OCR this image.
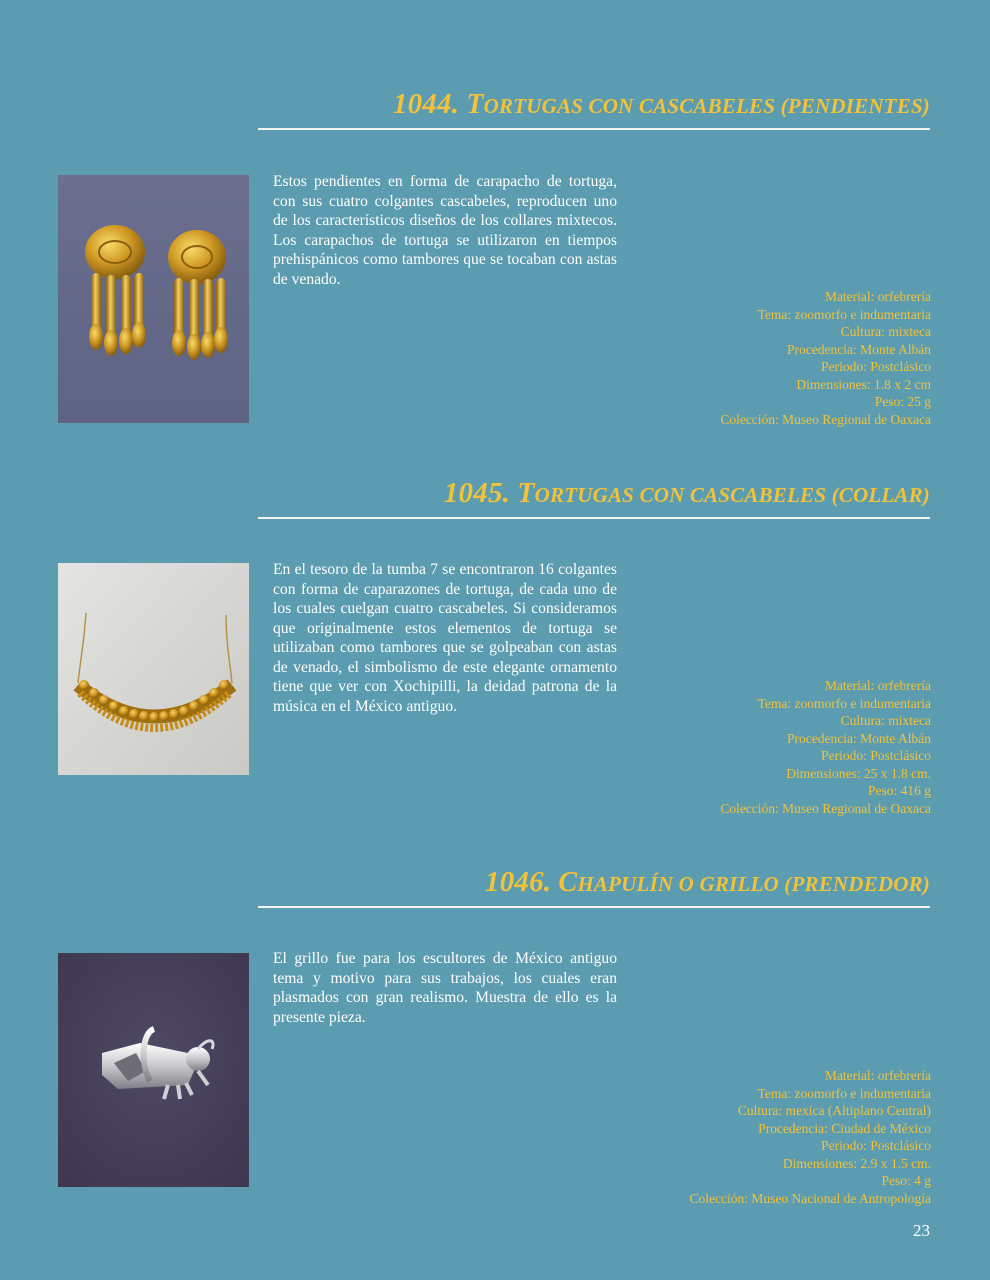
1044. TORTUGAS CON CASCABELES (PENDIENTES)

Estos pendientes en forma de carapacho de tortuga, con sus cuatro colgantes cascabeles, reproducen uno de los característicos diseños de los collares mixtecos. Los carapachos de tortuga se utilizaron en tiempos prehispánicos como tambores que se tocaban con astas de venado.

Material: orfebrería
Tema: zoomorfo e indumentaria
Cultura: mixteca
Procedencia: Monte Albán
Periodo: Postclásico
Dimensiones: 1.8 x 2 cm
Peso: 25 g
Colección: Museo Regional de Oaxaca
1045. TORTUGAS CON CASCABELES (COLLAR)

En el tesoro de la tumba 7 se encontraron 16 colgantes con forma de caparazones de tortuga, de cada uno de los cuales cuelgan cuatro cascabeles. Si consideramos que originalmente estos elementos de tortuga se utilizaban como tambores que se golpeaban con astas de venado, el simbolismo de este elegante ornamento tiene que ver con Xochipilli, la deidad patrona de la música en el México antiguo.

Material: orfebrería
Tema: zoomorfo e indumentaria
Cultura: mixteca
Procedencia: Monte Albán
Periodo: Postclásico
Dimensiones: 25 x 1.8 cm.
Peso: 416 g
Colección: Museo Regional de Oaxaca
1046. CHAPULÍN O GRILLO (PRENDEDOR)

El grillo fue para los escultores de México antiguo tema y motivo para sus trabajos, los cuales eran plasmados con gran realismo. Muestra de ello es la presente pieza.

Material: orfebrería
Tema: zoomorfo e indumentaria
Cultura: mexica (Altiplano Central)
Procedencia: Ciudad de México
Periodo: Postclásico
Dimensiones: 2.9 x 1.5 cm.
Peso: 4 g
Colección: Museo Nacional de Antropología
23
